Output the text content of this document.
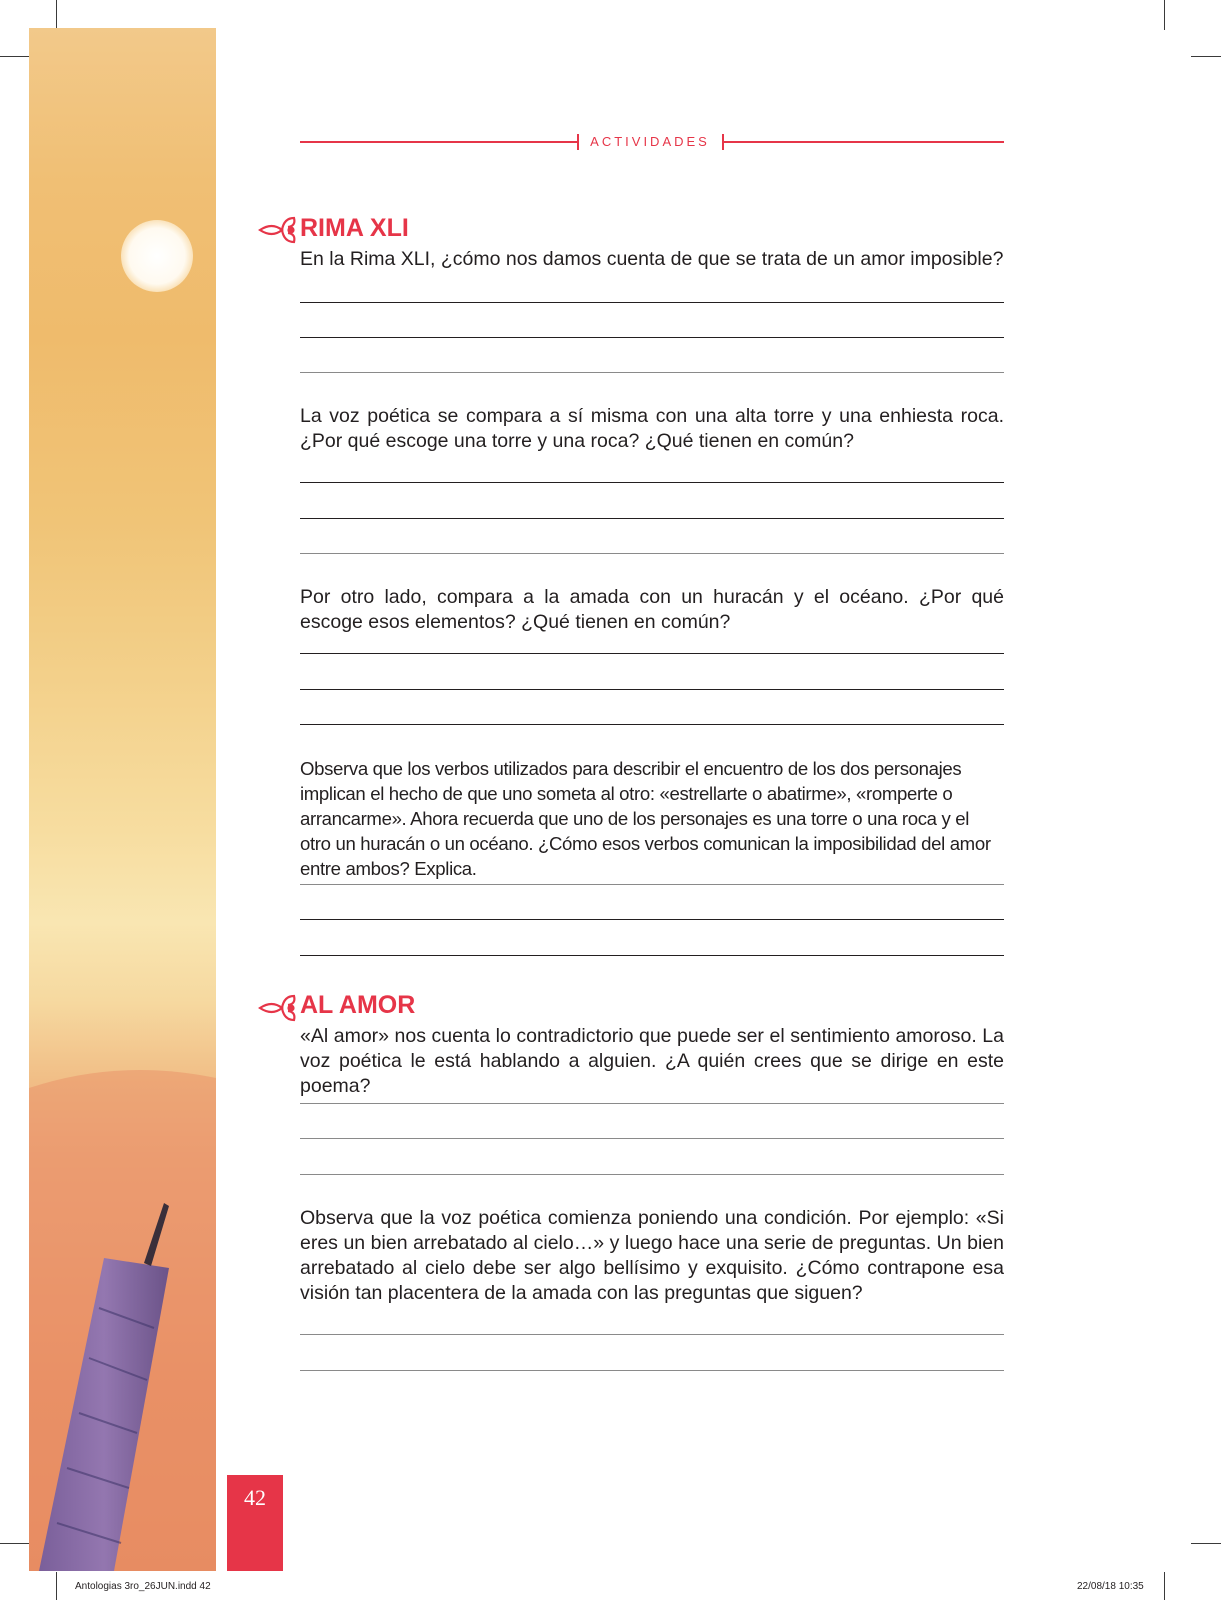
42
ACTIVIDADES
RIMA XLI
En la Rima XLI, ¿cómo nos damos cuenta de que se trata de un amor imposible?
La voz poética se compara a sí misma con una alta torre y una enhiesta roca. ¿Por qué escoge una torre y una roca? ¿Qué tienen en común?
Por otro lado, compara a la amada con un huracán y el océano. ¿Por qué escoge esos elementos? ¿Qué tienen en común?
Observa que los verbos utilizados para describir el encuentro de los dos personajes implican el hecho de que uno someta al otro: «estrellarte o abatirme», «romperte o arrancarme». Ahora recuerda que uno de los personajes es una torre o una roca y el otro un huracán o un océano. ¿Cómo esos verbos comunican la imposibilidad del amor entre ambos? Explica.
AL AMOR
«Al amor» nos cuenta lo contradictorio que puede ser el sentimiento amoroso. La voz poética le está hablando a alguien. ¿A quién crees que se dirige en este poema?
Observa que la voz poética comienza poniendo una condición. Por ejemplo: «Si eres un bien arrebatado al cielo…» y luego hace una serie de preguntas. Un bien arrebatado al cielo debe ser algo bellísimo y exquisito. ¿Cómo contrapone esa visión tan placentera de la amada con las preguntas que siguen?
Antologias 3ro_26JUN.indd 42	22/08/18 10:35
